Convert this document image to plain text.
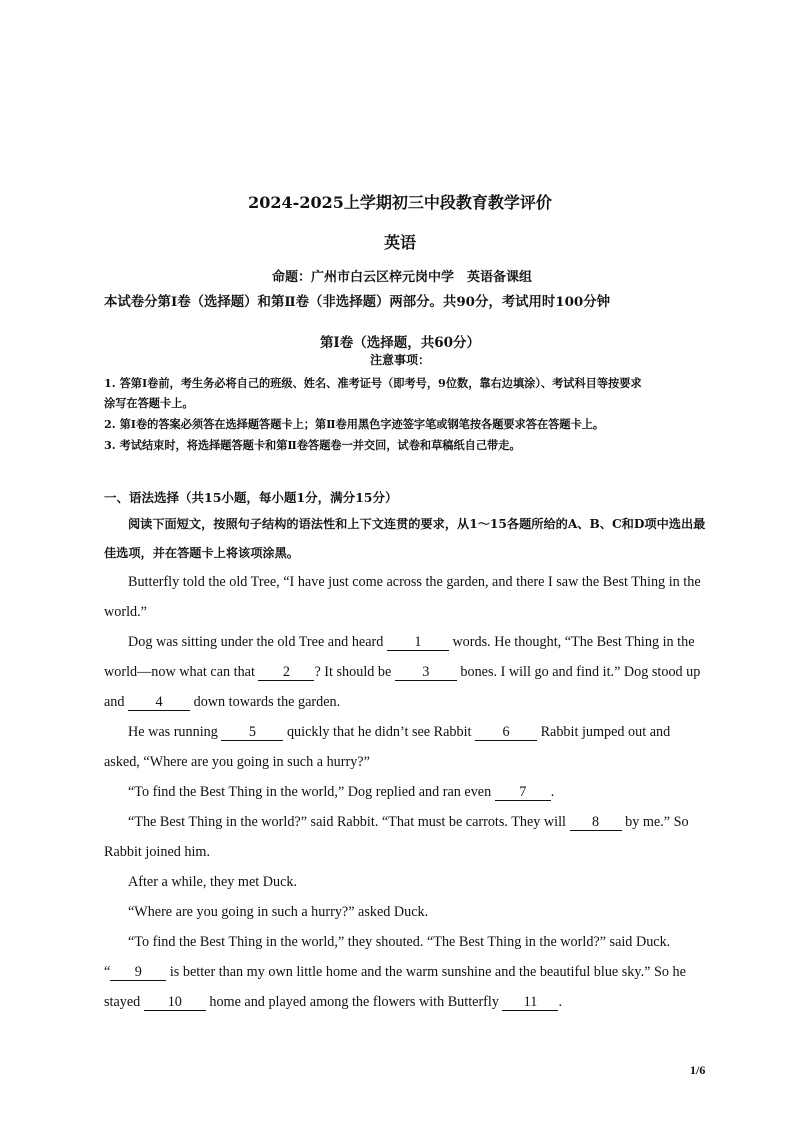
2024-2025上学期初三中段教育教学评价
英语
命题：广州市白云区梓元岗中学　英语备课组
本试卷分第Ⅰ卷（选择题）和第Ⅱ卷（非选择题）两部分。共90分，考试用时100分钟
第Ⅰ卷（选择题，共60分）
注意事项：
1. 答第Ⅰ卷前，考生务必将自己的班级、姓名、准考证号（即考号，9位数，靠右边填涂）、考试科目等按要求
涂写在答题卡上。
2. 第Ⅰ卷的答案必须答在选择题答题卡上；第Ⅱ卷用黑色字迹签字笔或钢笔按各题要求答在答题卡上。
3. 考试结束时，将选择题答题卡和第Ⅱ卷答题卷一并交回，试卷和草稿纸自己带走。
一、语法选择（共15小题，每小题1分，满分15分）
阅读下面短文，按照句子结构的语法性和上下文连贯的要求，从1～15各题所给的A、B、C和D项中选出最
佳选项，并在答题卡上将该项涂黑。
Butterfly told the old Tree, “I have just come across the garden, and there I saw the Best Thing in the
world.”
Dog was sitting under the old Tree and heard 1 words. He thought, “The Best Thing in the
world—now what can that 2 ? It should be 3 bones. I will go and find it.” Dog stood up
and 4 down towards the garden.
He was running 5 quickly that he didn’t see Rabbit 6 Rabbit jumped out and
asked, “Where are you going in such a hurry?”
“To find the Best Thing in the world,” Dog replied and ran even 7 .
“The Best Thing in the world?” said Rabbit. “That must be carrots. They will 8 by me.” So
Rabbit joined him.
After a while, they met Duck.
“Where are you going in such a hurry?” asked Duck.
“To find the Best Thing in the world,” they shouted. “The Best Thing in the world?” said Duck.
“ 9 is better than my own little home and the warm sunshine and the beautiful blue sky.” So he
stayed 10 home and played among the flowers with Butterfly 11 .
1/6
